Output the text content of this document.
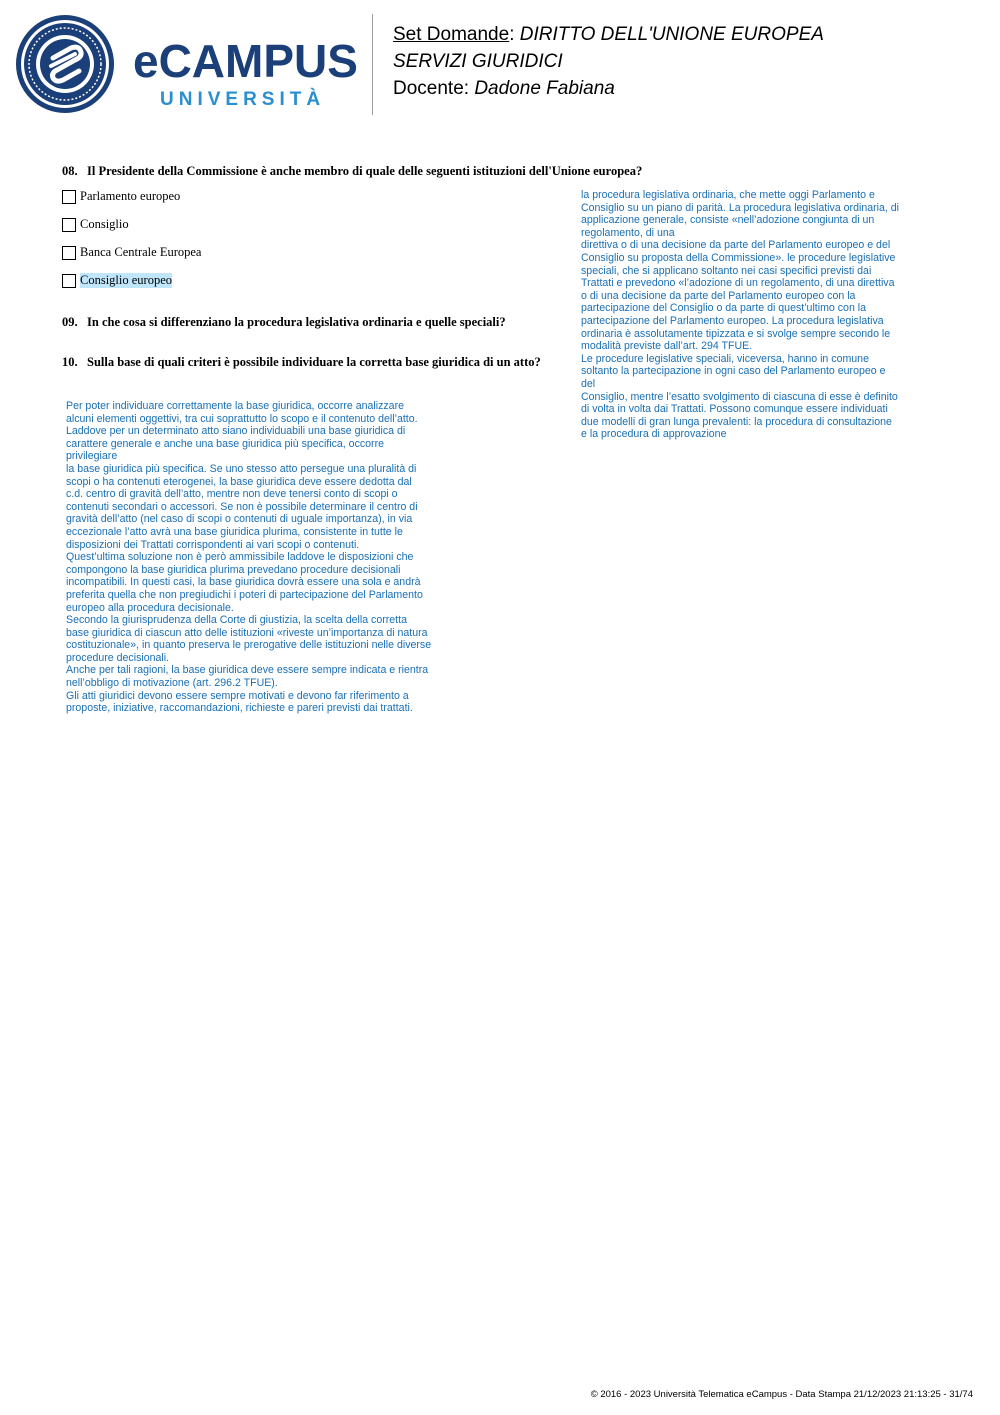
eCAMPUS
UNIVERSITÀ
Set Domande: DIRITTO DELL'UNIONE EUROPEA
SERVIZI GIURIDICI
Docente: Dadone Fabiana
08. Il Presidente della Commissione è anche membro di quale delle seguenti istituzioni dell'Unione europea?
Parlamento europeo
Consiglio
Banca Centrale Europea
Consiglio europeo
09. In che cosa si differenziano la procedura legislativa ordinaria e quelle speciali?
10. Sulla base di quali criteri è possibile individuare la corretta base giuridica di un atto?

la procedura legislativa ordinaria, che mette oggi Parlamento e

Consiglio su un piano di parità. La procedura legislativa ordinaria, di

applicazione generale, consiste «nell’adozione congiunta di un

regolamento, di una

direttiva o di una decisione da parte del Parlamento europeo e del

Consiglio su proposta della Commissione». le procedure legislative

speciali, che si applicano soltanto nei casi specifici previsti dai

Trattati e prevedono «l’adozione di un regolamento, di una direttiva

o di una decisione da parte del Parlamento europeo con la

partecipazione del Consiglio o da parte di quest’ultimo con la

partecipazione del Parlamento europeo. La procedura legislativa

ordinaria è assolutamente tipizzata e si svolge sempre secondo le

modalità previste dall’art. 294 TFUE.

Le procedure legislative speciali, viceversa, hanno in comune

soltanto la partecipazione in ogni caso del Parlamento europeo e

del

Consiglio, mentre l’esatto svolgimento di ciascuna di esse è definito

di volta in volta dai Trattati. Possono comunque essere individuati

due modelli di gran lunga prevalenti: la procedura di consultazione

e la procedura di approvazione

Per poter individuare correttamente la base giuridica, occorre analizzare

alcuni elementi oggettivi, tra cui soprattutto lo scopo e il contenuto dell’atto.

Laddove per un determinato atto siano individuabili una base giuridica di

carattere generale e anche una base giuridica più specifica, occorre

privilegiare

la base giuridica più specifica. Se uno stesso atto persegue una pluralità di

scopi o ha contenuti eterogenei, la base giuridica deve essere dedotta dal

c.d. centro di gravità dell’atto, mentre non deve tenersi conto di scopi o

contenuti secondari o accessori. Se non è possibile determinare il centro di

gravità dell’atto (nel caso di scopi o contenuti di uguale importanza), in via

eccezionale l’atto avrà una base giuridica plurima, consistente in tutte le

disposizioni dei Trattati corrispondenti ai vari scopi o contenuti.

Quest’ultima soluzione non è però ammissibile laddove le disposizioni che

compongono la base giuridica plurima prevedano procedure decisionali

incompatibili. In questi casi, la base giuridica dovrà essere una sola e andrà

preferita quella che non pregiudichi i poteri di partecipazione del Parlamento

europeo alla procedura decisionale.

Secondo la giurisprudenza della Corte di giustizia, la scelta della corretta

base giuridica di ciascun atto delle istituzioni «riveste un’importanza di natura

costituzionale», in quanto preserva le prerogative delle istituzioni nelle diverse

procedure decisionali.

Anche per tali ragioni, la base giuridica deve essere sempre indicata e rientra

nell’obbligo di motivazione (art. 296.2 TFUE).

Gli atti giuridici devono essere sempre motivati e devono far riferimento a

proposte, iniziative, raccomandazioni, richieste e pareri previsti dai trattati.

© 2016 - 2023 Università Telematica eCampus - Data Stampa 21/12/2023 21:13:25 - 31/74
